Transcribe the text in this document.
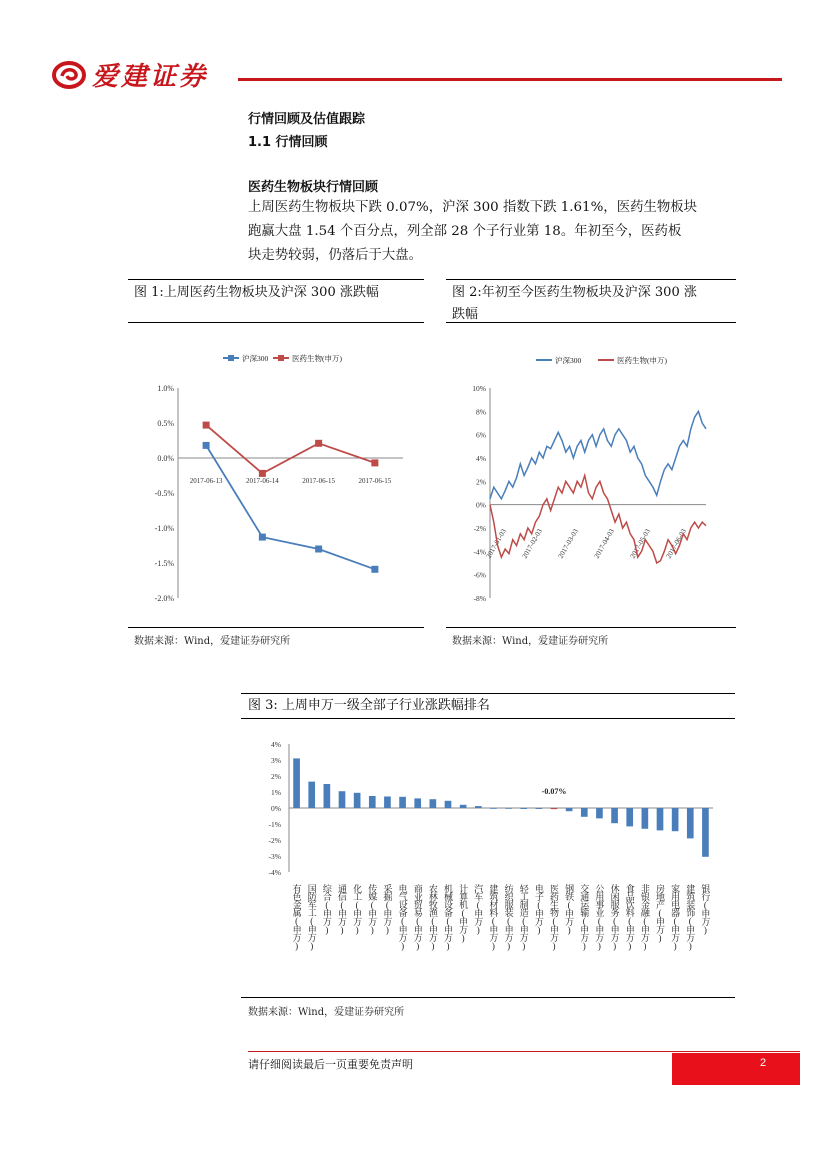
爱建证券
行情回顾及估值跟踪
1.1 行情回顾
医药生物板块行情回顾
上周医药生物板块下跌 0.07%，沪深 300 指数下跌 1.61%，医药生物板块
跑赢大盘 1.54 个百分点，列全部 28 个子行业第 18。年初至今，医药板
块走势较弱，仍落后于大盘。
图 1:上周医药生物板块及沪深 300 涨跌幅
1.0%
0.5%
0.0%
-0.5%
-1.0%
-1.5%
-2.0%
2017-06-13	2017-06-14	2017-06-15	2017-06-15
沪深300	医药生物(申万)
数据来源：Wind，爱建证券研究所
图 2:年初至今医药生物板块及沪深 300 涨
跌幅
10%
8%
6%
4%
2%
0%
-2%
-4%
-6%
-8%
2017-01-03 2017-02-03 2017-03-03 2017-04-03 2017-05-03 2017-06-03
沪深300	医药生物(申万)
数据来源：Wind，爱建证券研究所
图 3: 上周申万一级全部子行业涨跌幅排名
4%
3%
2%
1%
0%
-1%
-2%
-3%
-4%
有色金属(申万) 国防军工(申万) 综合(申万) 通信(申万) 化工(申万) 传媒(申万) 采掘(申万) 电气设备(申万) 商业贸易(申万) 农林牧渔(申万) 机械设备(申万) 计算机(申万) 汽车(申万) 建筑材料(申万) 纺织服装(申万) 轻工制造(申万) 电子(申万) 医药生物(申万) 钢铁(申万) 交通运输(申万) 公用事业(申万) 休闲服务(申万) 食品饮料(申万) 非银金融(申万) 房地产(申万) 家用电器(申万) 建筑装饰(申万) 银行(申万)
-0.07%
数据来源：Wind，爱建证券研究所
请仔细阅读最后一页重要免责声明	2
